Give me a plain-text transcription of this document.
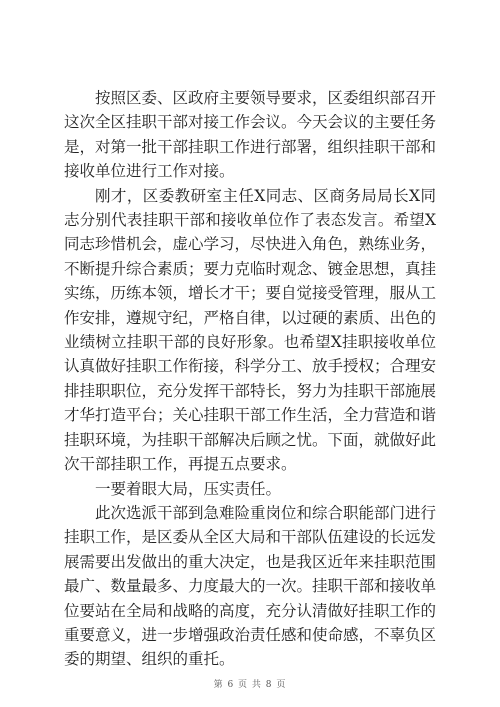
按照区委、区政府主要领导要求，区委组织部召开这次全区挂职干部对接工作会议。今天会议的主要任务是，对第一批干部挂职工作进行部署，组织挂职干部和接收单位进行工作对接。

刚才，区委教研室主任X同志、区商务局局长X同志分别代表挂职干部和接收单位作了表态发言。希望X同志珍惜机会，虚心学习，尽快进入角色，熟练业务，不断提升综合素质；要力克临时观念、镀金思想，真挂实练，历练本领，增长才干；要自觉接受管理，服从工作安排，遵规守纪，严格自律，以过硬的素质、出色的业绩树立挂职干部的良好形象。也希望X挂职接收单位认真做好挂职工作衔接，科学分工、放手授权；合理安排挂职职位，充分发挥干部特长，努力为挂职干部施展才华打造平台；关心挂职干部工作生活，全力营造和谐挂职环境，为挂职干部解决后顾之忧。下面，就做好此次干部挂职工作，再提五点要求。

一要着眼大局，压实责任。

此次选派干部到急难险重岗位和综合职能部门进行挂职工作，是区委从全区大局和干部队伍建设的长远发展需要出发做出的重大决定，也是我区近年来挂职范围最广、数量最多、力度最大的一次。挂职干部和接收单位要站在全局和战略的高度，充分认清做好挂职工作的重要意义，进一步增强政治责任感和使命感，不辜负区委的期望、组织的重托。

第 6 页 共 8 页
